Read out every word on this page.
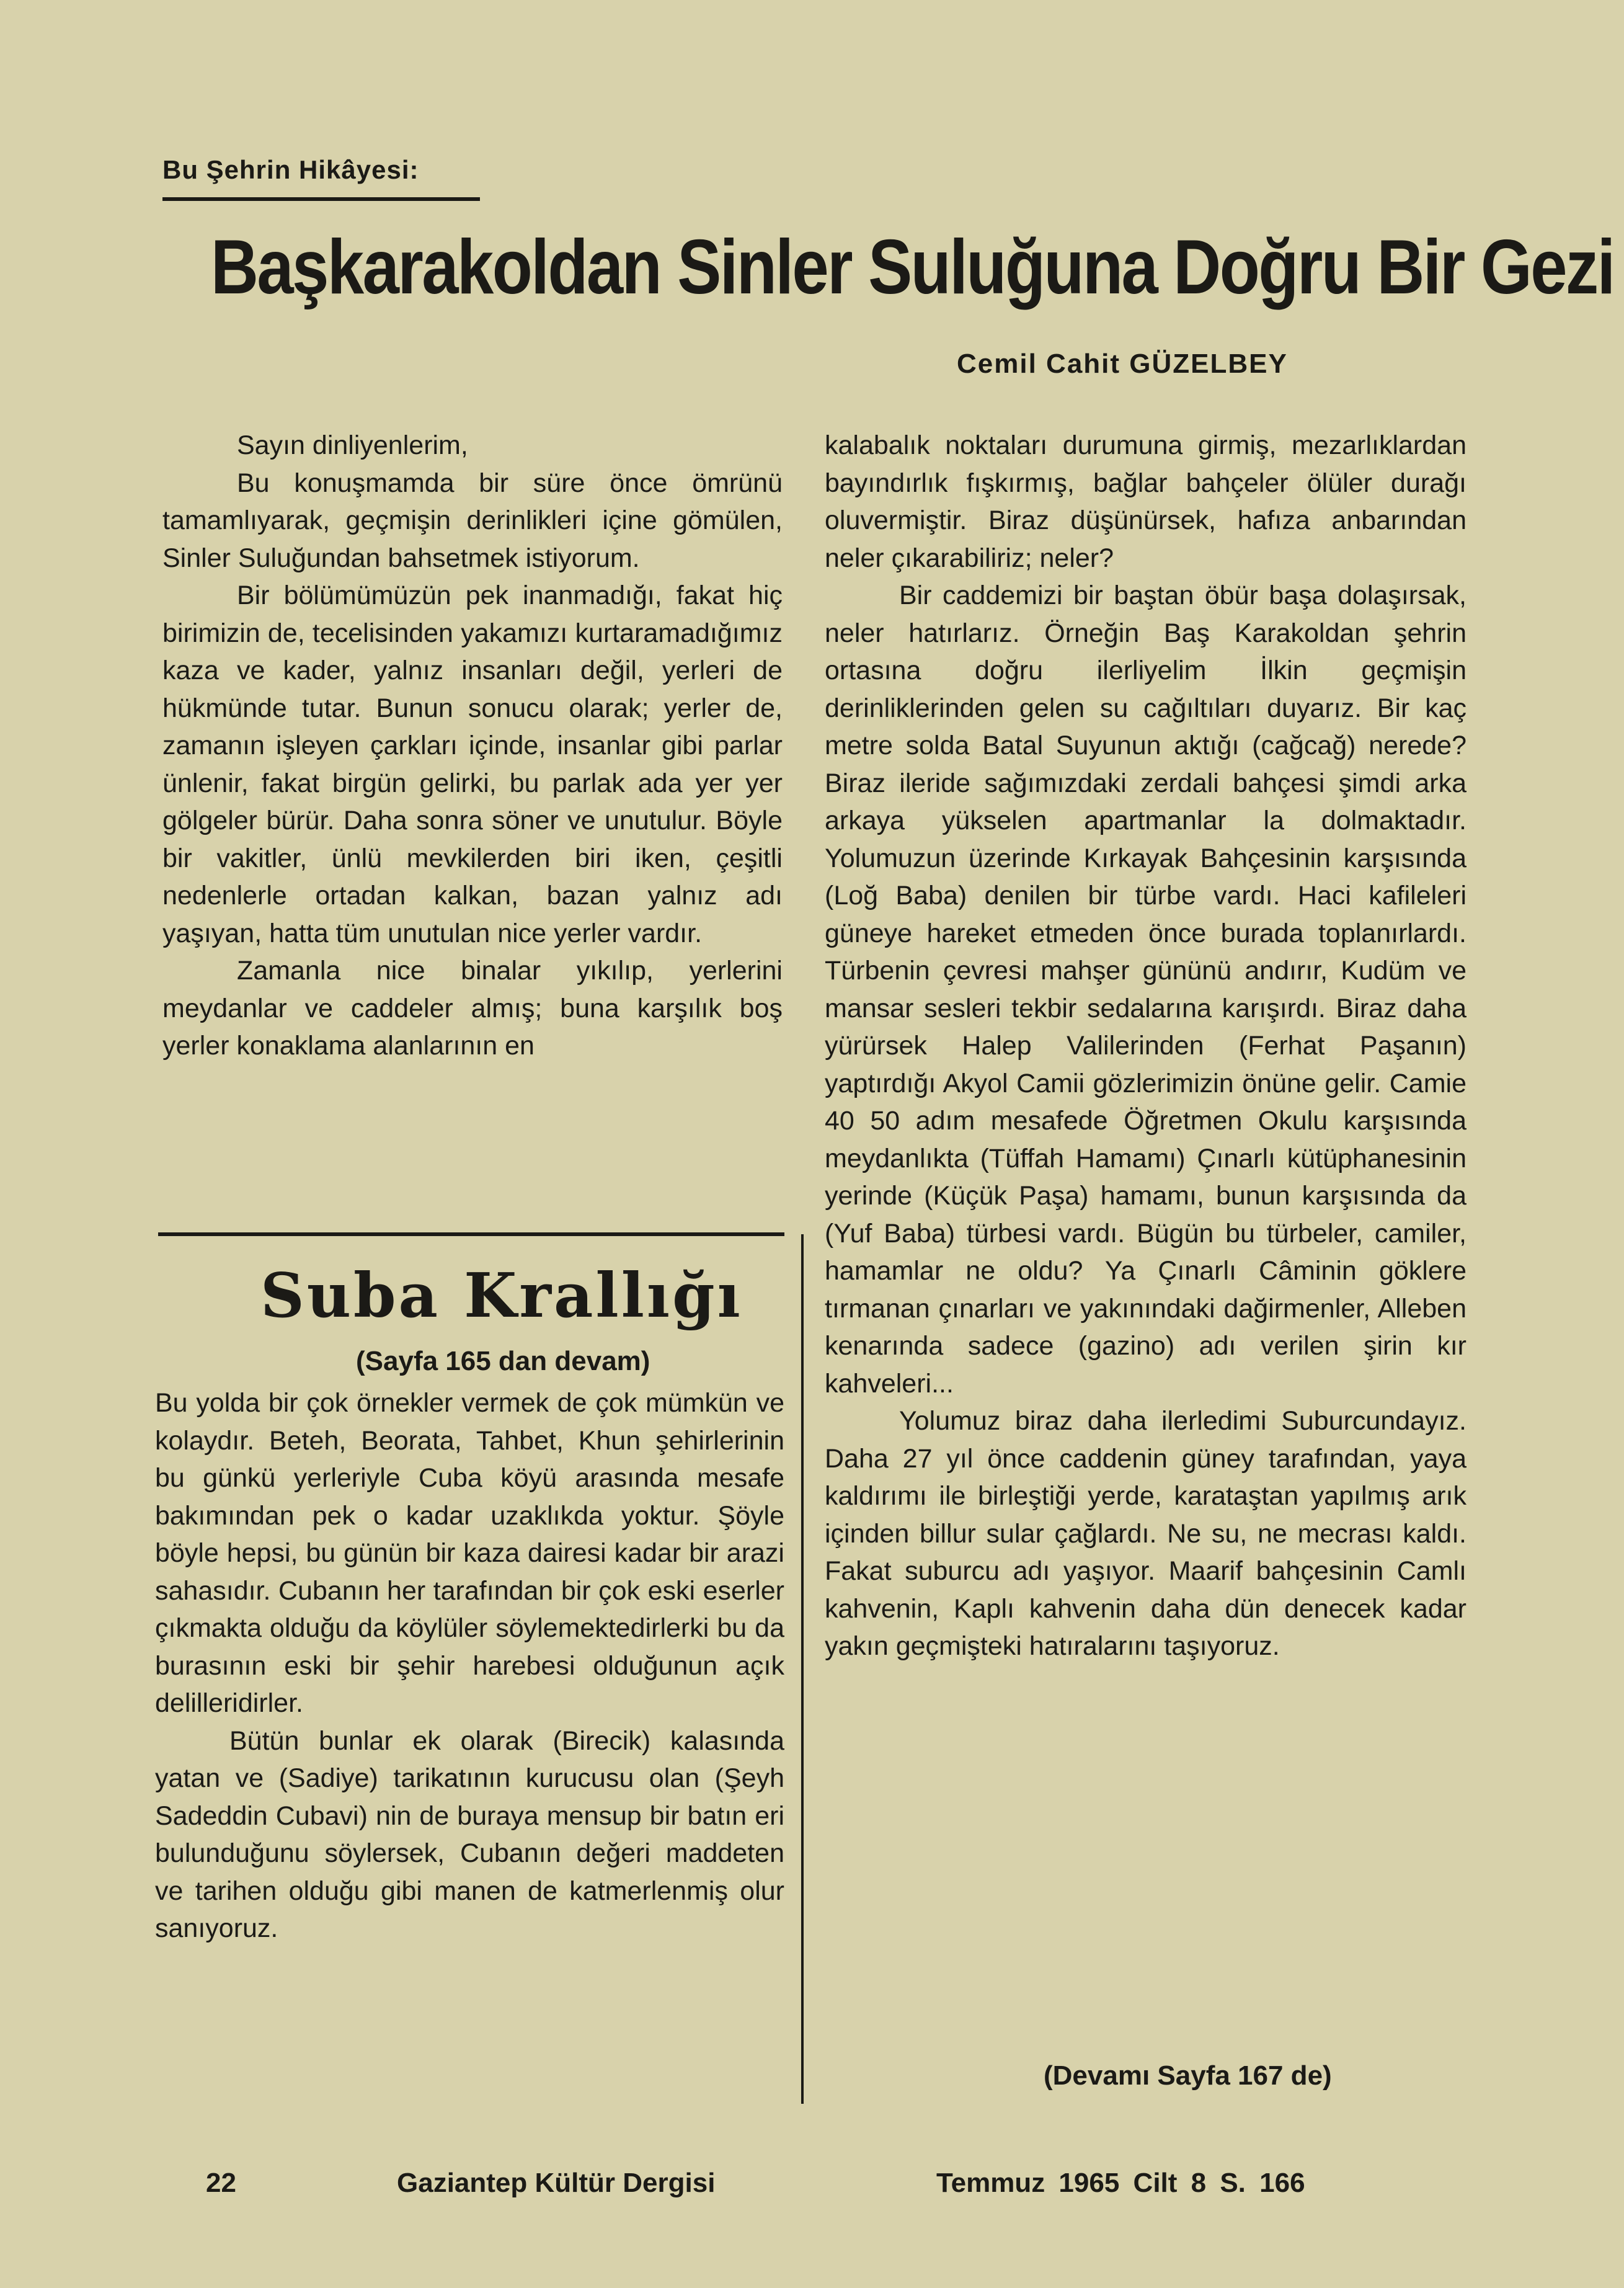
Bu Şehrin Hikâyesi:
Başkarakoldan Sinler Suluğuna Doğru Bir Gezi
Cemil Cahit GÜZELBEY

Sayın dinliyenlerim,

Bu konuşmamda bir süre önce ömrünü tamamlıyarak, geçmişin derinlikleri içine gömülen, Sinler Suluğundan bahsetmek istiyorum.

Bir bölümümüzün pek inanmadığı, fakat hiç birimizin de, tecelisinden yakamızı kurtaramadığımız kaza ve kader, yalnız insanları değil, yerleri de hükmünde tutar. Bunun sonucu olarak; yerler de, zamanın işleyen çarkları içinde, insanlar gibi parlar ünlenir, fakat birgün gelirki, bu parlak ada yer yer gölgeler bürür. Daha sonra söner ve unutulur. Böyle bir vakitler, ünlü mevkilerden biri iken, çeşitli nedenlerle ortadan kalkan, bazan yalnız adı yaşıyan, hatta tüm unutulan nice yerler vardır.

Zamanla nice binalar yıkılıp, yerlerini meydanlar ve caddeler almış; buna karşılık boş yerler konaklama alanlarının en

kalabalık noktaları durumuna girmiş, mezarlıklardan bayındırlık fışkırmış, bağlar bahçeler ölüler durağı oluvermiştir. Biraz düşünürsek, hafıza anbarından neler çıkarabiliriz; neler?

Bir caddemizi bir baştan öbür başa dolaşırsak, neler hatırlarız. Örneğin Baş Karakoldan şehrin ortasına doğru ilerliyelim İlkin geçmişin derinliklerinden gelen su cağıltıları duyarız. Bir kaç metre solda Batal Suyunun aktığı (cağcağ) nerede? Biraz ileride sağımızdaki zerdali bahçesi şimdi arka arkaya yükselen apartmanlar la dolmaktadır. Yolumuzun üzerinde Kırkayak Bahçesinin karşısında (Loğ Baba) denilen bir türbe vardı. Haci kafileleri güneye hareket etmeden önce burada toplanırlardı. Türbenin çevresi mahşer gününü andırır, Kudüm ve mansar sesleri tekbir sedalarına karışırdı. Biraz daha yürürsek Halep Valilerinden (Ferhat Paşanın) yaptırdığı Akyol Camii gözlerimizin önüne gelir. Camie 40 50 adım mesafede Öğretmen Okulu karşısında meydanlıkta (Tüffah Hamamı) Çınarlı kütüphanesinin yerinde (Küçük Paşa) hamamı, bunun karşısında da (Yuf Baba) türbesi vardı. Bügün bu türbeler, camiler, hamamlar ne oldu? Ya Çınarlı Câminin göklere tırmanan çınarları ve yakınındaki dağirmenler, Alleben kenarında sadece (gazino) adı verilen şirin kır kahveleri...

Yolumuz biraz daha ilerledimi Suburcundayız. Daha 27 yıl önce caddenin güney tarafından, yaya kaldırımı ile birleştiği yerde, karataştan yapılmış arık içinden billur sular çağlardı. Ne su, ne mecrası kaldı. Fakat suburcu adı yaşıyor. Maarif bahçesinin Camlı kahvenin, Kaplı kahvenin daha dün denecek kadar yakın geçmişteki hatıralarını taşıyoruz.

Suba Krallığı
(Sayfa 165 dan devam)

Bu yolda bir çok örnekler vermek de çok mümkün ve kolaydır. Beteh, Beorata, Tahbet, Khun şehirlerinin bu günkü yerleriyle Cuba köyü arasında mesafe bakımından pek o kadar uzaklıkda yoktur. Şöyle böyle hepsi, bu günün bir kaza dairesi kadar bir arazi sahasıdır. Cubanın her tarafından bir çok eski eserler çıkmakta olduğu da köylüler söylemektedirlerki bu da burasının eski bir şehir harebesi olduğunun açık delilleridirler.

Bütün bunlar ek olarak (Birecik) kalasında yatan ve (Sadiye) tarikatının kurucusu olan (Şeyh Sadeddin Cubavi) nin de buraya mensup bir batın eri bulunduğunu söylersek, Cubanın değeri maddeten ve tarihen olduğu gibi manen de katmerlenmiş olur sanıyoruz.

(Devamı Sayfa 167 de)
22	Gaziantep Kültür Dergisi	Temmuz 1965 Cilt 8 S. 166
